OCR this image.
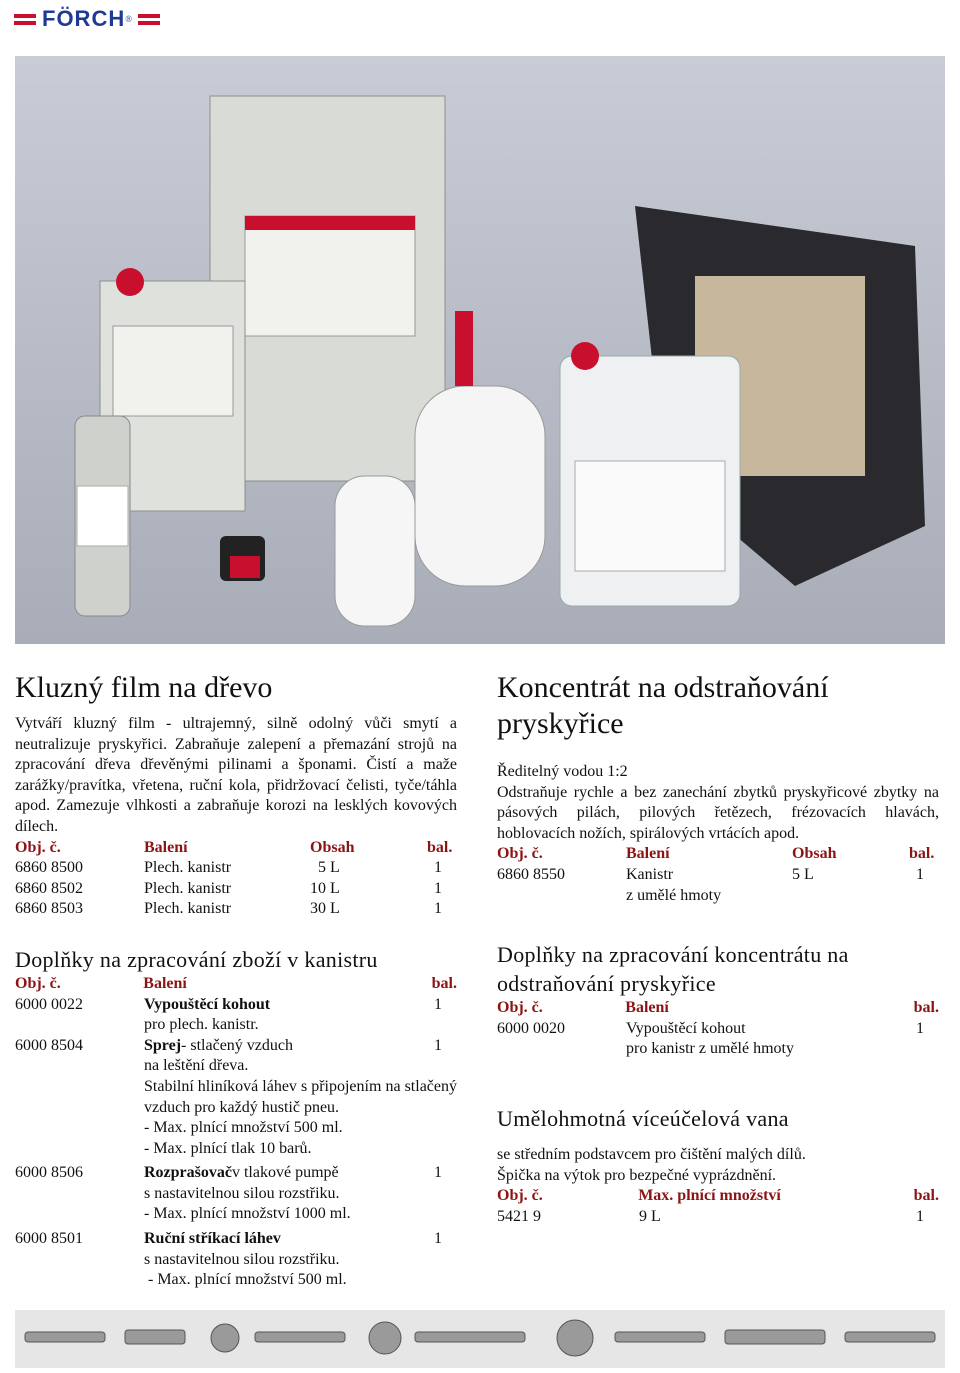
FÖRCH ®
Kluzný film na dřevo

Vytváří kluzný film - ultrajemný, silně odolný vůči smytí a neutralizuje pryskyřici. Zabraňuje zalepení a přemazání strojů na zpracování dřeva dřevěnými pilinami a šponami. Čistí a maže zarážky/pravítka, vřetena, ruční kola, přidržovací čelisti, tyče/táhla apod. Zamezuje vlhkosti a zabraňuje korozi na lesklých kovových dílech.

Obj. č.	Balení	Obsah	bal.
6860 8500	Plech. kanistr	5 L	1
6860 8502	Plech. kanistr	10 L	1
6860 8503	Plech. kanistr	30 L	1
Doplňky na zpracování zboží v kanistru
Obj. č.	Balení	bal.
6000 0022	Vypouštěcí kohout	1
pro plech. kanistr.
6000 8504	Sprej- stlačený vzduch	1
na leštění dřeva.

Stabilní hliníková láhev s připojením na stlačený vzduch pro každý hustič pneu.

- Max. plnící množství 500 ml.
- Max. plnící tlak 10 barů.
6000 8506	Rozprašovačv tlakové pumpě	1
s nastavitelnou silou rozstřiku.
- Max. plnící množství 1000 ml.
6000 8501	Ruční stříkací láhev	1
s nastavitelnou silou rozstřiku.
- Max. plnící množství 500 ml.
Koncentrát na odstraňování pryskyřice
Ředitelný vodou 1:2

Odstraňuje rychle a bez zanechání zbytků pryskyřicové zbytky na pásových pilách, pilových řetězech, frézovacích hlavách, hoblovacích nožích, spirálových vrtácích apod.

Obj. č.	Balení	Obsah	bal.
6860 8550	Kanistr	5 L	1
z umělé hmoty
Doplňky na zpracování koncentrátu na odstraňování pryskyřice
Obj. č.	Balení	bal.
6000 0020	Vypouštěcí kohout	1
pro kanistr z umělé hmoty
Umělohmotná víceúčelová vana
se středním podstavcem pro čištění malých dílů.
Špička na výtok pro bezpečné vyprázdnění.
Obj. č.	Max. plnící množství	bal.
5421 9	9 L	1
